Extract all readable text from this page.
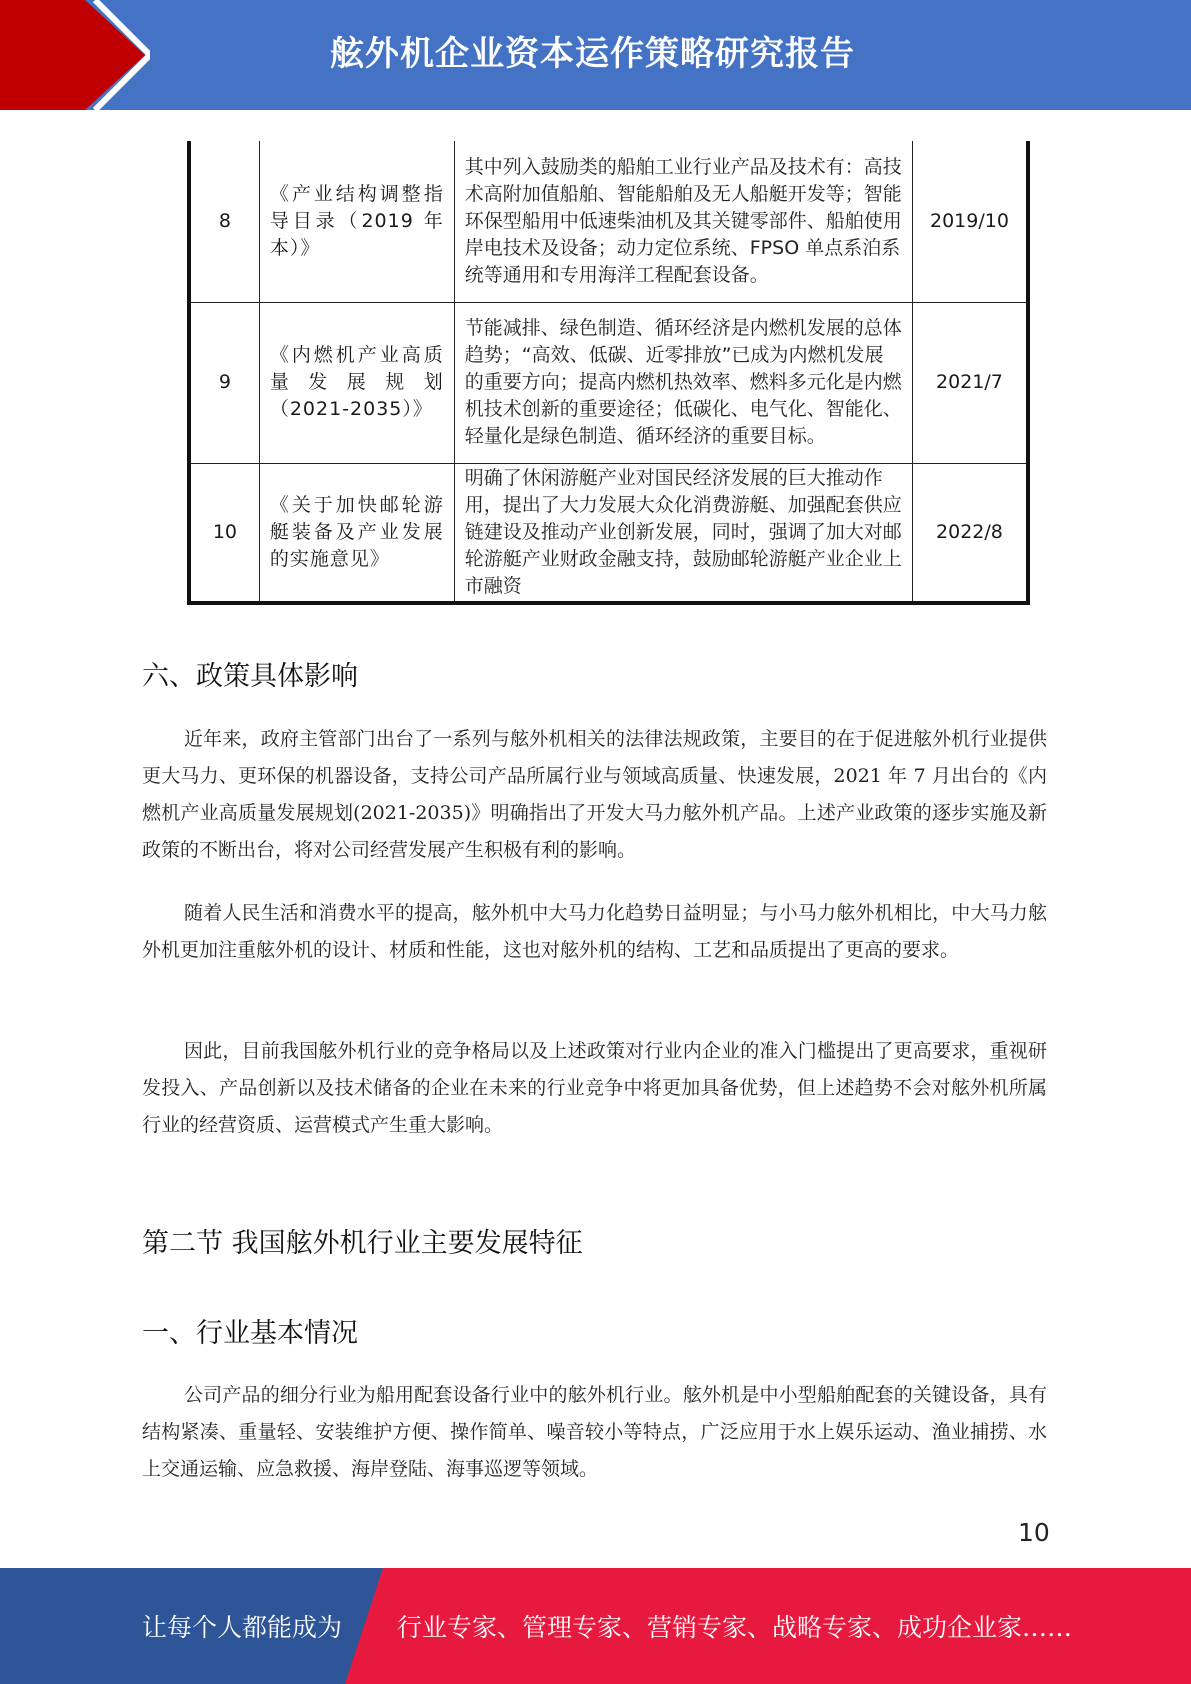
舷外机企业资本运作策略研究报告
8	《产业结构调整指导目录（2019 年本）》	其中列入鼓励类的船舶工业行业产品及技术有：高技术高附加值船舶、智能船舶及无人船艇开发等；智能环保型船用中低速柴油机及其关键零部件、船舶使用岸电技术及设备；动力定位系统、FPSO 单点系泊系统等通用和专用海洋工程配套设备。	2019/10
9	《内燃机产业高质量发展规划（2021-2035）》	节能减排、绿色制造、循环经济是内燃机发展的总体趋势；“高效、低碳、近零排放”已成为内燃机发展的重要方向；提高内燃机热效率、燃料多元化是内燃机技术创新的重要途径；低碳化、电气化、智能化、轻量化是绿色制造、循环经济的重要目标。	2021/7
10	《关于加快邮轮游艇装备及产业发展的实施意见》	明确了休闲游艇产业对国民经济发展的巨大推动作用，提出了大力发展大众化消费游艇、加强配套供应链建设及推动产业创新发展，同时，强调了加大对邮轮游艇产业财政金融支持，鼓励邮轮游艇产业企业上市融资	2022/8
六、政策具体影响

近年来，政府主管部门出台了一系列与舷外机相关的法律法规政策，主要目的在于促进舷外机行业提供更大马力、更环保的机器设备，支持公司产品所属行业与领域高质量、快速发展，2021 年 7 月出台的《内燃机产业高质量发展规划(2021-2035)》明确指出了开发大马力舷外机产品。上述产业政策的逐步实施及新政策的不断出台，将对公司经营发展产生积极有利的影响。

随着人民生活和消费水平的提高，舷外机中大马力化趋势日益明显；与小马力舷外机相比，中大马力舷外机更加注重舷外机的设计、材质和性能，这也对舷外机的结构、工艺和品质提出了更高的要求。

因此，目前我国舷外机行业的竞争格局以及上述政策对行业内企业的准入门槛提出了更高要求，重视研发投入、产品创新以及技术储备的企业在未来的行业竞争中将更加具备优势，但上述趋势不会对舷外机所属行业的经营资质、运营模式产生重大影响。

第二节 我国舷外机行业主要发展特征
一、行业基本情况

公司产品的细分行业为船用配套设备行业中的舷外机行业。舷外机是中小型船舶配套的关键设备，具有结构紧凑、重量轻、安装维护方便、操作简单、噪音较小等特点，广泛应用于水上娱乐运动、渔业捕捞、水上交通运输、应急救援、海岸登陆、海事巡逻等领域。

10
让每个人都能成为 行业专家、管理专家、营销专家、战略专家、成功企业家……
